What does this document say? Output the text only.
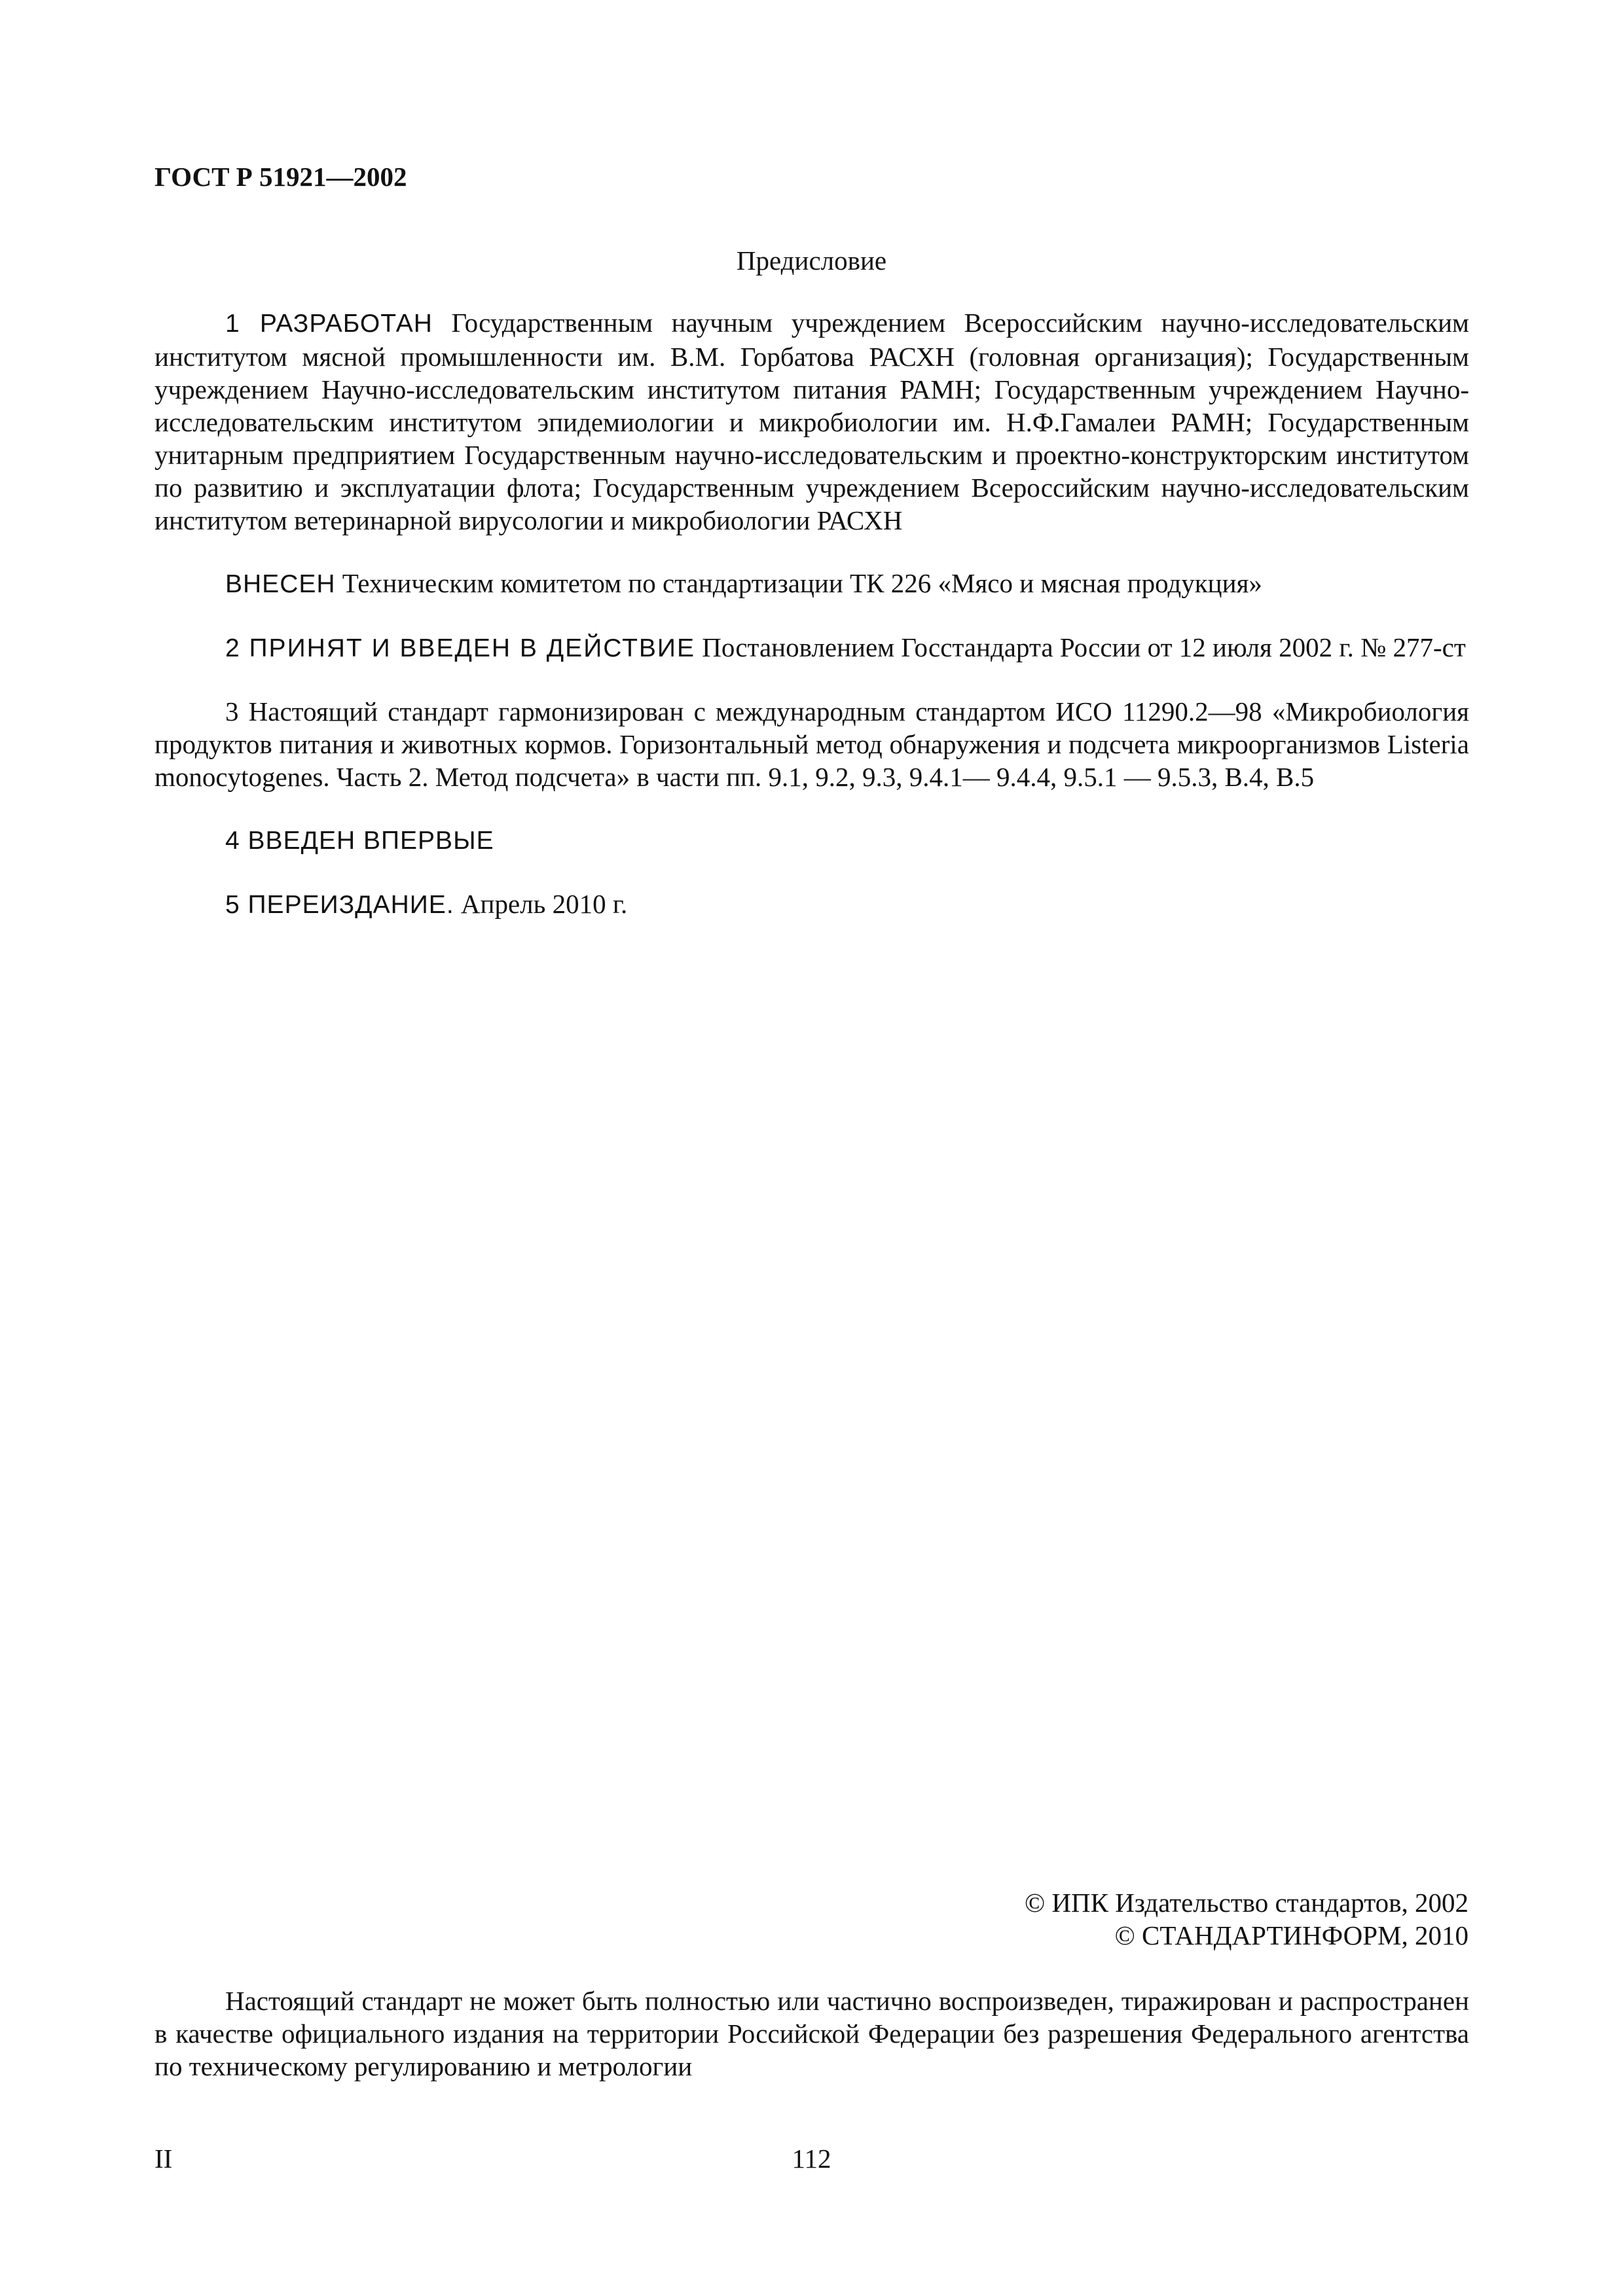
ГОСТ Р 51921—2002
Предисловие

1 РАЗРАБОТАН Государственным научным учреждением Всероссийским научно-исследовательским институтом мясной промышленности им. В.М. Горбатова РАСХН (головная организация); Государственным учреждением Научно-исследовательским институтом питания РАМН; Государственным учреждением Научно-исследовательским институтом эпидемиологии и микробиологии им. Н.Ф.Гамалеи РАМН; Государственным унитарным предприятием Государственным научно-исследовательским и проектно-конструкторским институтом по развитию и эксплуатации флота; Государственным учреждением Всероссийским научно-исследовательским институтом ветеринарной вирусологии и микробиологии РАСХН

ВНЕСЕН Техническим комитетом по стандартизации ТК 226 «Мясо и мясная продукция»

2 ПРИНЯТ И ВВЕДЕН В ДЕЙСТВИЕ Постановлением Госстандарта России от 12 июля 2002 г. № 277-ст

3 Настоящий стандарт гармонизирован с международным стандартом ИСО 11290.2—98 «Микробиология продуктов питания и животных кормов. Горизонтальный метод обнаружения и подсчета микроорганизмов Listeria monocytogenes. Часть 2. Метод подсчета» в части пп. 9.1, 9.2, 9.3, 9.4.1— 9.4.4, 9.5.1 — 9.5.3, В.4, В.5

4 ВВЕДЕН ВПЕРВЫЕ

5 ПЕРЕИЗДАНИЕ. Апрель 2010 г.

© ИПК Издательство стандартов, 2002
© СТАНДАРТИНФОРМ, 2010

Настоящий стандарт не может быть полностью или частично воспроизведен, тиражирован и распространен в качестве официального издания на территории Российской Федерации без разрешения Федерального агентства по техническому регулированию и метрологии

II	112
